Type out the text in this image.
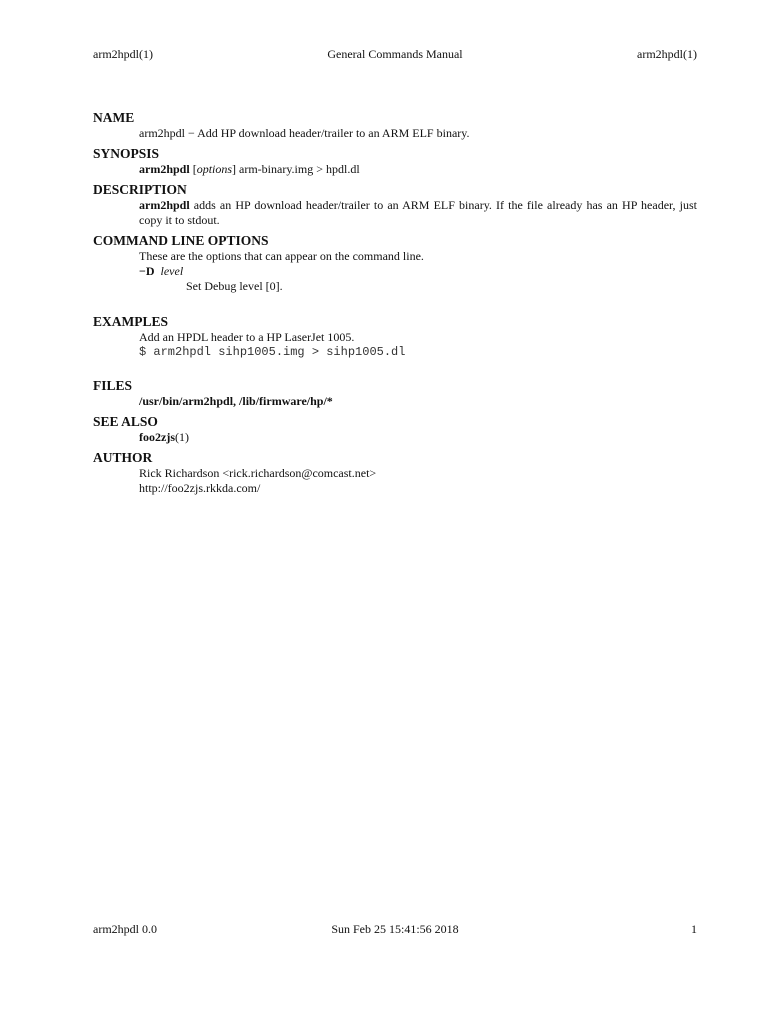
arm2hpdl(1)	General Commands Manual	arm2hpdl(1)
NAME

arm2hpdl − Add HP download header/trailer to an ARM ELF binary.

SYNOPSIS

arm2hpdl [options] arm-binary.img > hpdl.dl

DESCRIPTION

arm2hpdl adds an HP download header/trailer to an ARM ELF binary. If the file already has an HP header, just copy it to stdout.

COMMAND LINE OPTIONS

These are the options that can appear on the command line.

−D level

Set Debug level [0].

EXAMPLES

Add an HPDL header to a HP LaserJet 1005.

$ arm2hpdl sihp1005.img > sihp1005.dl

FILES

/usr/bin/arm2hpdl, /lib/firmware/hp/*

SEE ALSO

foo2zjs(1)

AUTHOR

Rick Richardson <rick.richardson@comcast.net>

http://foo2zjs.rkkda.com/

arm2hpdl 0.0	Sun Feb 25 15:41:56 2018	1
